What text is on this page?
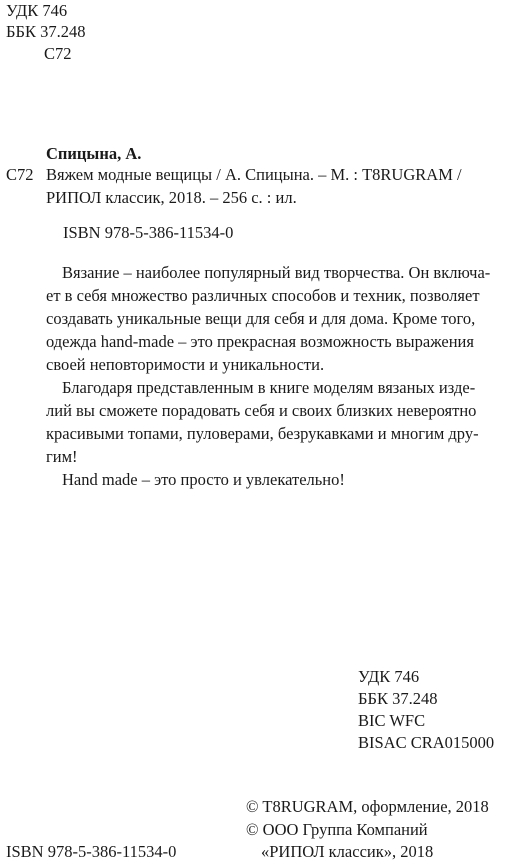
УДК 746
ББК 37.248
С72
Спицына, А.
С72 Вяжем модные вещицы / А. Спицына. – М. : T8RUGRAM /
РИПОЛ классик, 2018. – 256 с. : ил.
ISBN 978-5-386-11534-0
Вязание – наиболее популярный вид творчества. Он включа-
ет в себя множество различных способов и техник, позволяет
создавать уникальные вещи для себя и для дома. Кроме того,
одежда hand-made – это прекрасная возможность выражения
своей неповторимости и уникальности.
Благодаря представленным в книге моделям вязаных изде-
лий вы сможете порадовать себя и своих близких невероятно
красивыми топами, пуловерами, безрукавками и многим дру-
гим!
Hand made – это просто и увлекательно!
УДК 746
ББК 37.248
BIC WFC
BISAC CRA015000
© T8RUGRAM, оформление, 2018
© ООО Группа Компаний
ISBN 978-5-386-11534-0	«РИПОЛ классик», 2018
